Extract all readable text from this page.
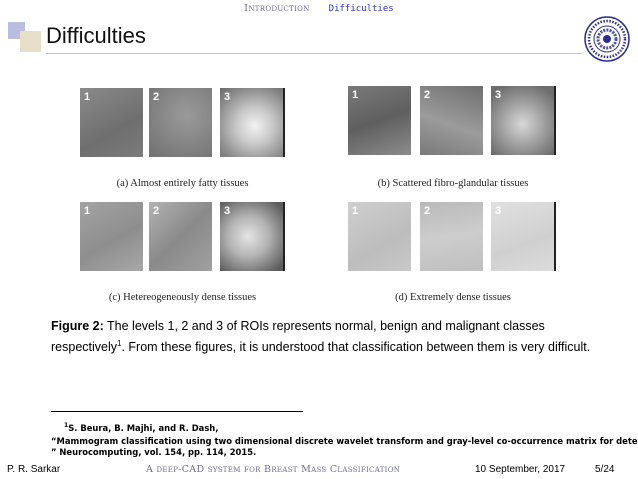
Introduction Difficulties
Difficulties
1	2	3
(a) Almost entirely fatty tissues
1	2	3
(b) Scattered fibro-glandular tissues
1	2	3
(c) Hetereogeneously dense tissues
1	2	3
(d) Extremely dense tissues
Figure 2: The levels 1, 2 and 3 of ROIs represents normal, benign and malignant classes respectively$^1$. From these figures, it is understood that classification between them is very difficult.
$^1$S. Beura, B. Majhi, and R. Dash,
“Mammogram classification using two dimensional discrete wavelet transform and gray-level co-occurrence matrix for dete
” Neurocomputing, vol. 154, pp. 114, 2015.
P. R. Sarkar	A deep-CAD system for Breast Mass Classification	10 September, 2017	5/24
